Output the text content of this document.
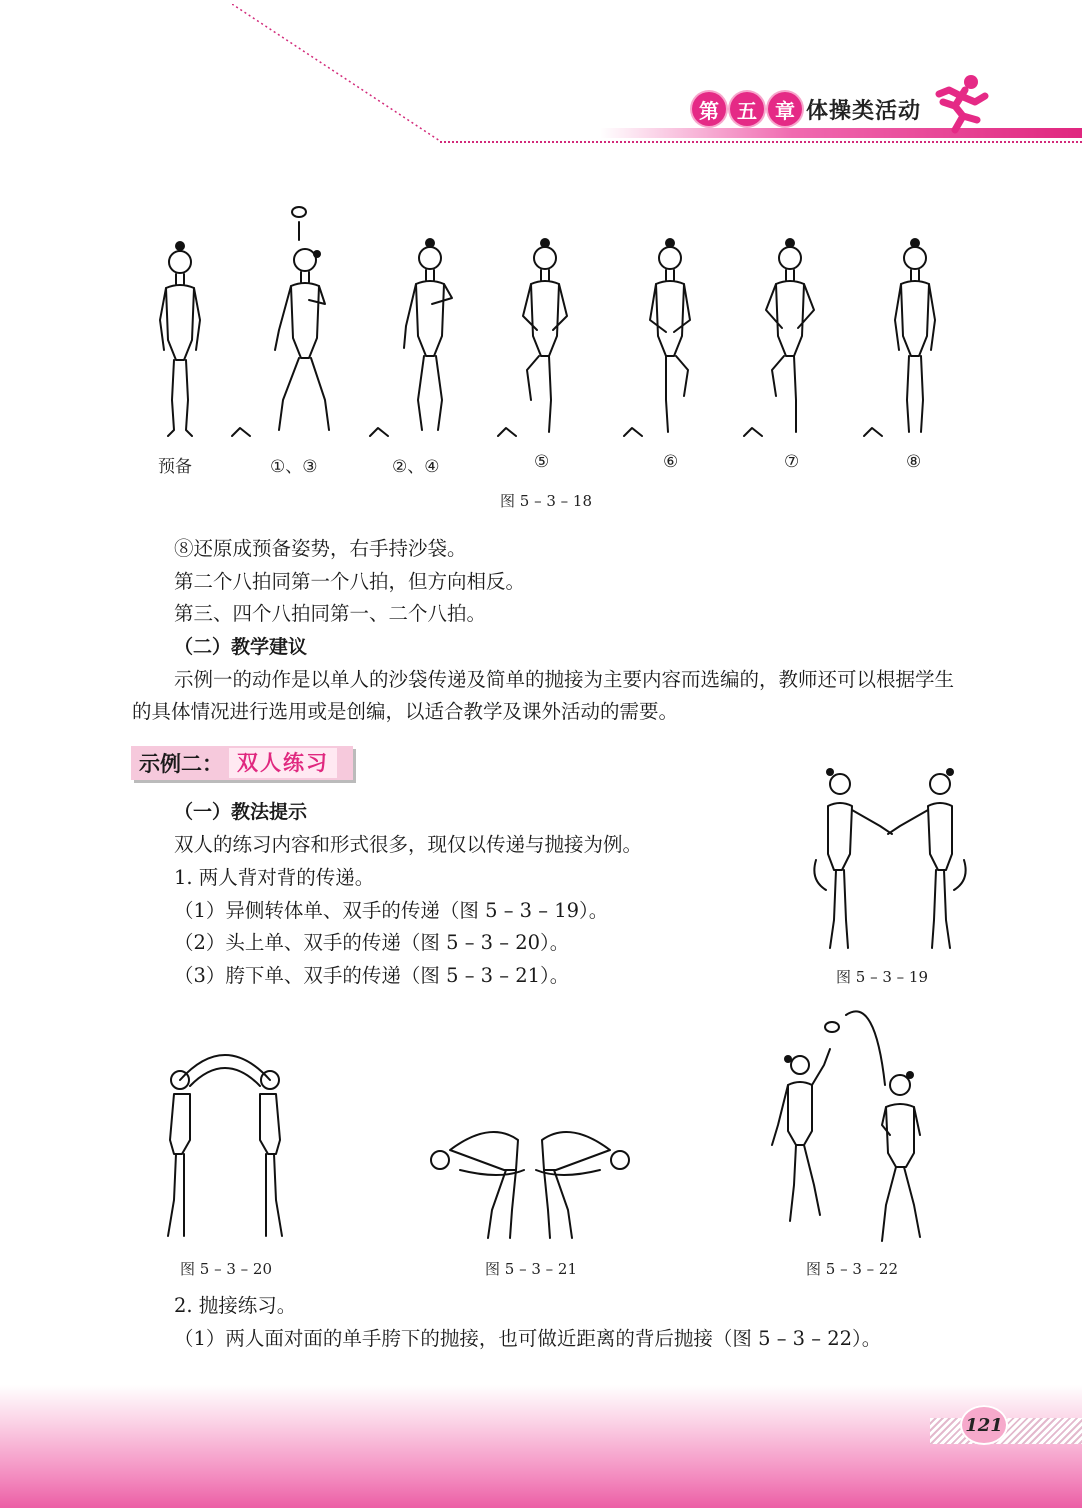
第 五 章 体操类活动
预备	①、③	②、④	⑤	⑥	⑦	⑧
图 5 – 3 – 18
⑧还原成预备姿势，右手持沙袋。
第二个八拍同第一个八拍，但方向相反。
第三、四个八拍同第一、二个八拍。
（二）教学建议
示例一的动作是以单人的沙袋传递及简单的抛接为主要内容而选编的，教师还可以根据学生的具体情况进行选用或是创编，以适合教学及课外活动的需要。
示例二： 双人练习
（一）教法提示
双人的练习内容和形式很多，现仅以传递与抛接为例。
1. 两人背对背的传递。
（1）异侧转体单、双手的传递（图 5 – 3 – 19）。
（2）头上单、双手的传递（图 5 – 3 – 20）。
（3）胯下单、双手的传递（图 5 – 3 – 21）。	图 5 – 3 – 19
图 5 – 3 – 20	图 5 – 3 – 21	图 5 – 3 – 22
2. 抛接练习。
（1）两人面对面的单手胯下的抛接，也可做近距离的背后抛接（图 5 – 3 – 22）。
121
